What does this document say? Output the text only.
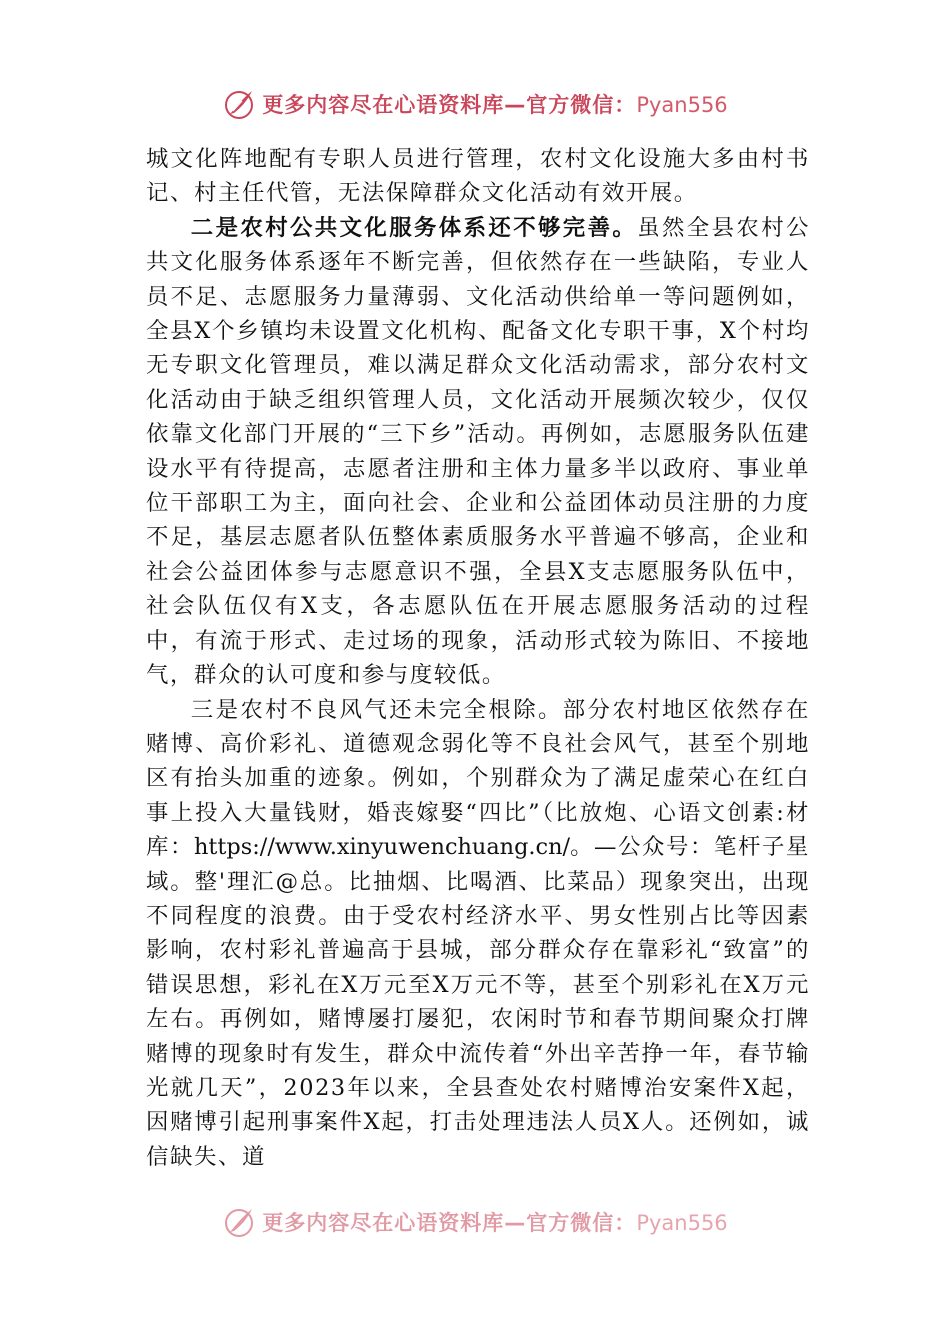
更多内容尽在心语资料库—官方微信：Pyan556

城文化阵地配有专职人员进行管理，农村文化设施大多由村书记、村主任代管，无法保障群众文化活动有效开展。

二是农村公共文化服务体系还不够完善。虽然全县农村公共文化服务体系逐年不断完善，但依然存在一些缺陷，专业人员不足、志愿服务力量薄弱、文化活动供给单一等问题例如，全县X个乡镇均未设置文化机构、配备文化专职干事，X个村均无专职文化管理员，难以满足群众文化活动需求，部分农村文化活动由于缺乏组织管理人员，文化活动开展频次较少，仅仅依靠文化部门开展的“三下乡”活动。再例如，志愿服务队伍建设水平有待提高，志愿者注册和主体力量多半以政府、事业单位干部职工为主，面向社会、企业和公益团体动员注册的力度不足，基层志愿者队伍整体素质服务水平普遍不够高，企业和社会公益团体参与志愿意识不强，全县X支志愿服务队伍中，社会队伍仅有X支，各志愿队伍在开展志愿服务活动的过程中，有流于形式、走过场的现象，活动形式较为陈旧、不接地气，群众的认可度和参与度较低。

三是农村不良风气还未完全根除。部分农村地区依然存在赌博、高价彩礼、道德观念弱化等不良社会风气，甚至个别地区有抬头加重的迹象。例如，个别群众为了满足虚荣心在红白事上投入大量钱财，婚丧嫁娶“四比”（比放炮、心语文创素:材库：https://www.xinyuwenchuang.cn/。—公众号：笔杆子星域。整'理汇@总。比抽烟、比喝酒、比菜品）现象突出，出现不同程度的浪费。由于受农村经济水平、男女性别占比等因素影响，农村彩礼普遍高于县城，部分群众存在靠彩礼“致富”的错误思想，彩礼在X万元至X万元不等，甚至个别彩礼在X万元左右。再例如，赌博屡打屡犯，农闲时节和春节期间聚众打牌赌博的现象时有发生，群众中流传着“外出辛苦挣一年，春节输光就几天”，2023年以来，全县查处农村赌博治安案件X起，因赌博引起刑事案件X起，打击处理违法人员X人。还例如，诚信缺失、道

更多内容尽在心语资料库—官方微信：Pyan556
